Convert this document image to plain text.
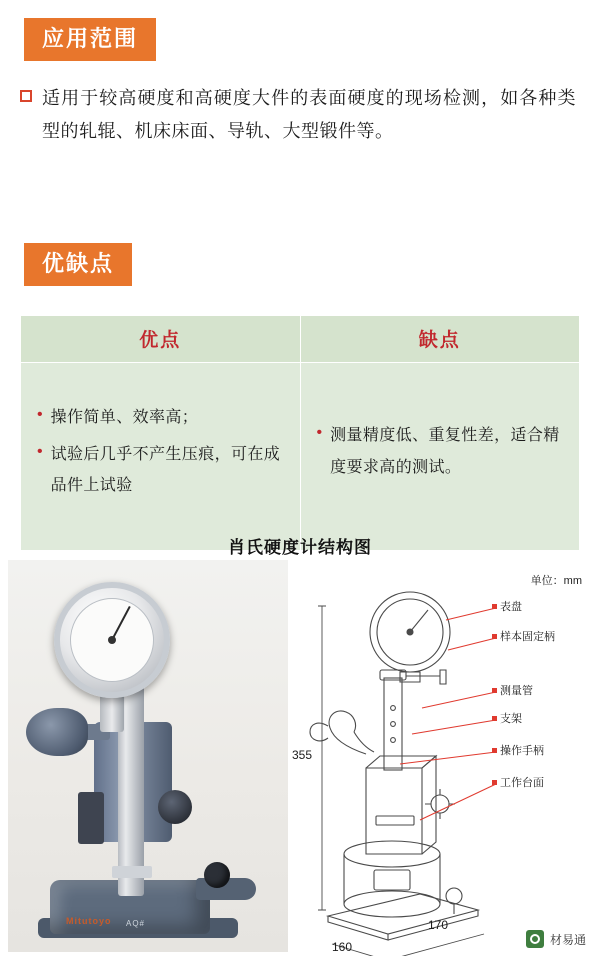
应用范围
适用于较高硬度和高硬度大件的表面硬度的现场检测，如各种类型的轧辊、机床床面、导轨、大型锻件等。
优缺点
优点	缺点

• 操作简单、效率高；
• 试验后几乎不产生压痕，可在成品件上试验

• 测量精度低、重复性差，适合精度要求高的测试。
肖氏硬度计结构图
Mitutoyo AQ#
单位：mm
表盘
样本固定柄
测量管
支架
操作手柄
工作台面
355
170
160
材易通
